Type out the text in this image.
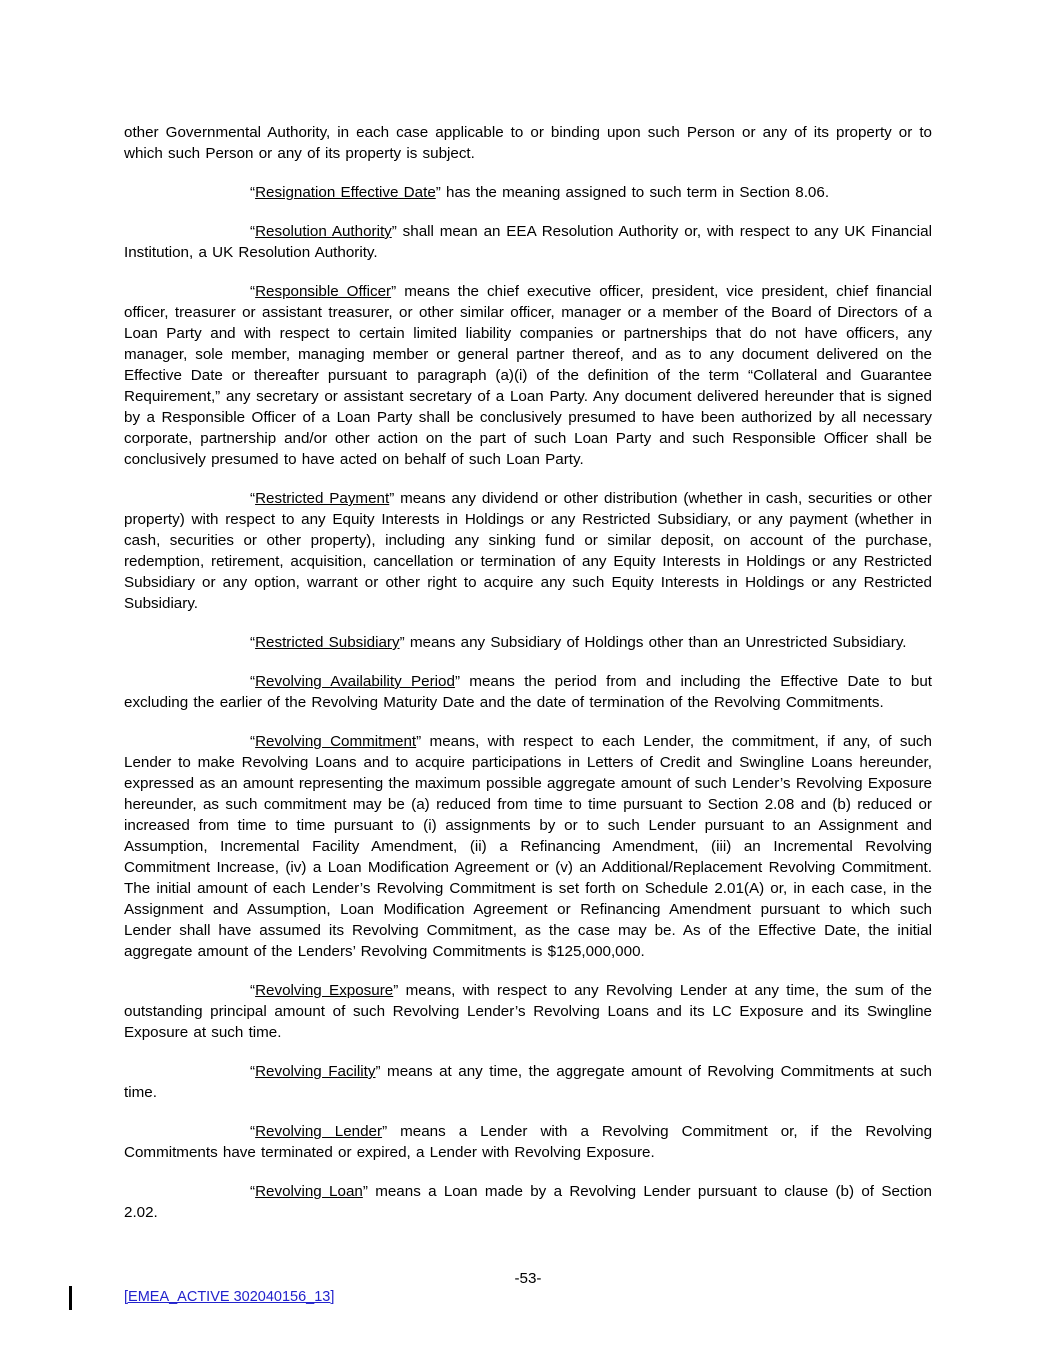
other Governmental Authority, in each case applicable to or binding upon such Person or any of its property or to which such Person or any of its property is subject.

“Resignation Effective Date” has the meaning assigned to such term in Section 8.06.

“Resolution Authority” shall mean an EEA Resolution Authority or, with respect to any UK Financial Institution, a UK Resolution Authority.

“Responsible Officer” means the chief executive officer, president, vice president, chief financial officer, treasurer or assistant treasurer, or other similar officer, manager or a member of the Board of Directors of a Loan Party and with respect to certain limited liability companies or partnerships that do not have officers, any manager, sole member, managing member or general partner thereof, and as to any document delivered on the Effective Date or thereafter pursuant to paragraph (a)(i) of the definition of the term “Collateral and Guarantee Requirement,” any secretary or assistant secretary of a Loan Party. Any document delivered hereunder that is signed by a Responsible Officer of a Loan Party shall be conclusively presumed to have been authorized by all necessary corporate, partnership and/or other action on the part of such Loan Party and such Responsible Officer shall be conclusively presumed to have acted on behalf of such Loan Party.

“Restricted Payment” means any dividend or other distribution (whether in cash, securities or other property) with respect to any Equity Interests in Holdings or any Restricted Subsidiary, or any payment (whether in cash, securities or other property), including any sinking fund or similar deposit, on account of the purchase, redemption, retirement, acquisition, cancellation or termination of any Equity Interests in Holdings or any Restricted Subsidiary or any option, warrant or other right to acquire any such Equity Interests in Holdings or any Restricted Subsidiary.

“Restricted Subsidiary” means any Subsidiary of Holdings other than an Unrestricted Subsidiary.

“Revolving Availability Period” means the period from and including the Effective Date to but excluding the earlier of the Revolving Maturity Date and the date of termination of the Revolving Commitments.

“Revolving Commitment” means, with respect to each Lender, the commitment, if any, of such Lender to make Revolving Loans and to acquire participations in Letters of Credit and Swingline Loans hereunder, expressed as an amount representing the maximum possible aggregate amount of such Lender’s Revolving Exposure hereunder, as such commitment may be (a) reduced from time to time pursuant to Section 2.08 and (b) reduced or increased from time to time pursuant to (i) assignments by or to such Lender pursuant to an Assignment and Assumption, Incremental Facility Amendment, (ii) a Refinancing Amendment, (iii) an Incremental Revolving Commitment Increase, (iv) a Loan Modification Agreement or (v) an Additional/Replacement Revolving Commitment. The initial amount of each Lender’s Revolving Commitment is set forth on Schedule 2.01(A) or, in each case, in the Assignment and Assumption, Loan Modification Agreement or Refinancing Amendment pursuant to which such Lender shall have assumed its Revolving Commitment, as the case may be. As of the Effective Date, the initial aggregate amount of the Lenders’ Revolving Commitments is $125,000,000.

“Revolving Exposure” means, with respect to any Revolving Lender at any time, the sum of the outstanding principal amount of such Revolving Lender’s Revolving Loans and its LC Exposure and its Swingline Exposure at such time.

“Revolving Facility” means at any time, the aggregate amount of Revolving Commitments at such time.

“Revolving Lender” means a Lender with a Revolving Commitment or, if the Revolving Commitments have terminated or expired, a Lender with Revolving Exposure.

“Revolving Loan” means a Loan made by a Revolving Lender pursuant to clause (b) of Section 2.02.

-53-
[EMEA_ACTIVE 302040156_13]
